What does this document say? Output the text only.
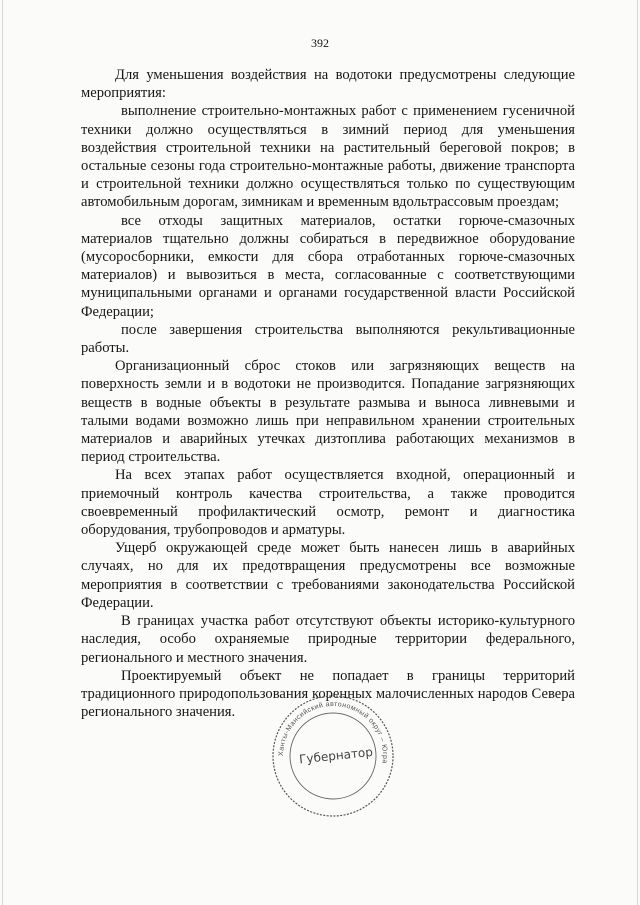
392

Для уменьшения воздействия на водотоки предусмотрены следующие мероприятия:

выполнение строительно-монтажных работ с применением гусеничной техники должно осуществляться в зимний период для уменьшения воздействия строительной техники на растительный береговой покров; в остальные сезоны года строительно-монтажные работы, движение транспорта и строительной техники должно осуществляться только по существующим автомобильным дорогам, зимникам и временным вдольтрассовым проездам;

все отходы защитных материалов, остатки горюче-смазочных материалов тщательно должны собираться в передвижное оборудование (мусоросборники, емкости для сбора отработанных горюче-смазочных материалов) и вывозиться в места, согласованные с соответствующими муниципальными органами и органами государственной власти Российской Федерации;

после завершения строительства выполняются рекультивационные работы.

Организационный сброс стоков или загрязняющих веществ на поверхность земли и в водотоки не производится. Попадание загрязняющих веществ в водные объекты в результате размыва и выноса ливневыми и талыми водами возможно лишь при неправильном хранении строительных материалов и аварийных утечках дизтоплива работающих механизмов в период строительства.

На всех этапах работ осуществляется входной, операционный и приемочный контроль качества строительства, а также проводится своевременный профилактический осмотр, ремонт и диагностика оборудования, трубопроводов и арматуры.

Ущерб окружающей среде может быть нанесен лишь в аварийных случаях, но для их предотвращения предусмотрены все возможные мероприятия в соответствии с требованиями законодательства Российской Федерации.

В границах участка работ отсутствуют объекты историко-культурного наследия, особо охраняемые природные территории федерального, регионального и местного значения.

Проектируемый объект не попадает в границы территорий традиционного природопользования коренных малочисленных народов Севера регионального значения.

Ханты-Мансийский автономный округ – Югра
Губернатор
